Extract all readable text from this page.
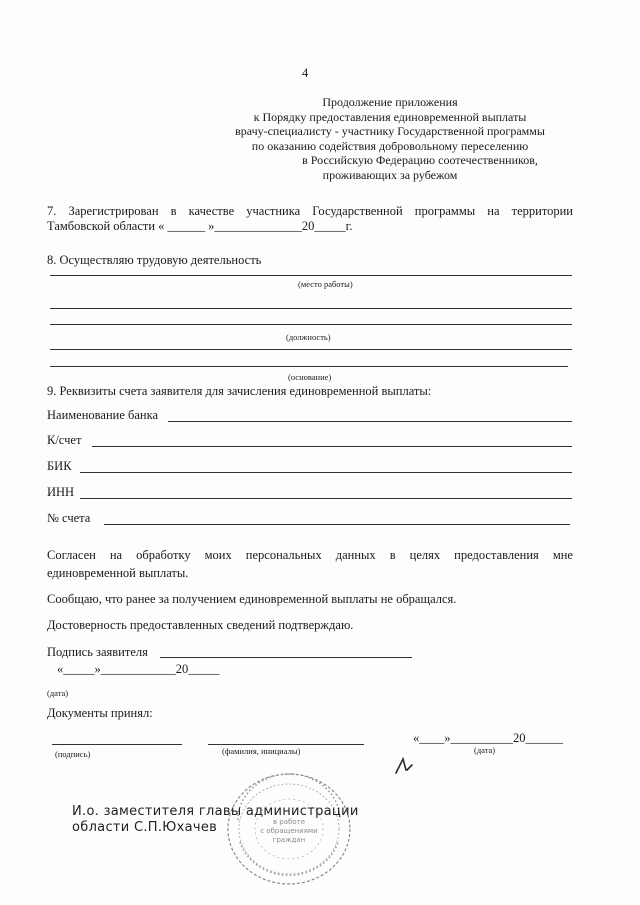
4
Продолжение приложения
к Порядку предоставления единовременной выплаты
врачу-специалисту - участнику Государственной программы
по оказанию содействия добровольному переселению
в Российскую Федерацию соотечественников,
проживающих за рубежом
7. Зарегистрирован в качестве участника Государственной программы на территории
Тамбовской области « ______ »______________20_____г.
8. Осуществляю трудовую деятельность
(место работы)
(должность)
(основание)
9. Реквизиты счета заявителя для зачисления единовременной выплаты:
Наименование банка
К/счет
БИК
ИНН
№ счета
Согласен на обработку моих персональных данных в целях предоставления мне
единовременной выплаты.
Сообщаю, что ранее за получением единовременной выплаты не обращался.
Достоверность предоставленных сведений подтверждаю.
Подпись заявителя
«_____»____________20_____
(дата)
Документы принял:
(подпись)	(фамилия, инициалы)
«____»__________20______
(дата)
в работе
с обращениями
граждан
И.о. заместителя главы администрации
области С.П.Юхачев
